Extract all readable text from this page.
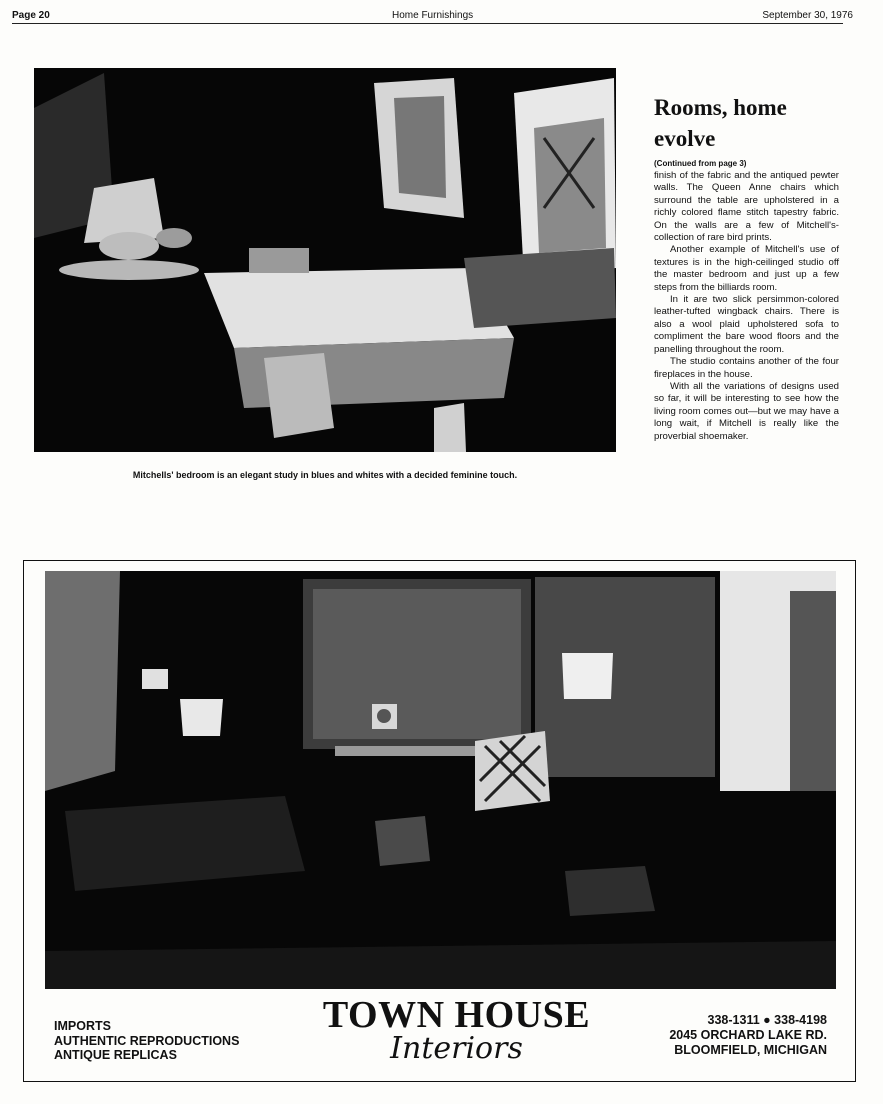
Page 20	Home Furnishings	September 30, 1976
Mitchells' bedroom is an elegant study in blues and whites with a decided feminine touch.
Rooms, home
evolve
(Continued from page 3)

finish of the fabric and the antiqued pewter walls. The Queen Anne chairs which surround the table are upholstered in a richly colored flame stitch tapestry fabric. On the walls are a few of Mitchell's-collection of rare bird prints.

Another example of Mitchell's use of textures is in the high-ceilinged studio off the master bedroom and just up a few steps from the billiards room.

In it are two slick persimmon-colored leather-tufted wingback chairs. There is also a wool plaid upholstered sofa to compliment the bare wood floors and the panelling throughout the room.

The studio contains another of the four fireplaces in the house.

With all the variations of designs used so far, it will be interesting to see how the living room comes out—but we may have a long wait, if Mitchell is really like the proverbial shoemaker.

IMPORTS
AUTHENTIC REPRODUCTIONS
ANTIQUE REPLICAS
TOWN HOUSE
Interiors
338-1311 ● 338-4198
2045 ORCHARD LAKE RD.
BLOOMFIELD, MICHIGAN
